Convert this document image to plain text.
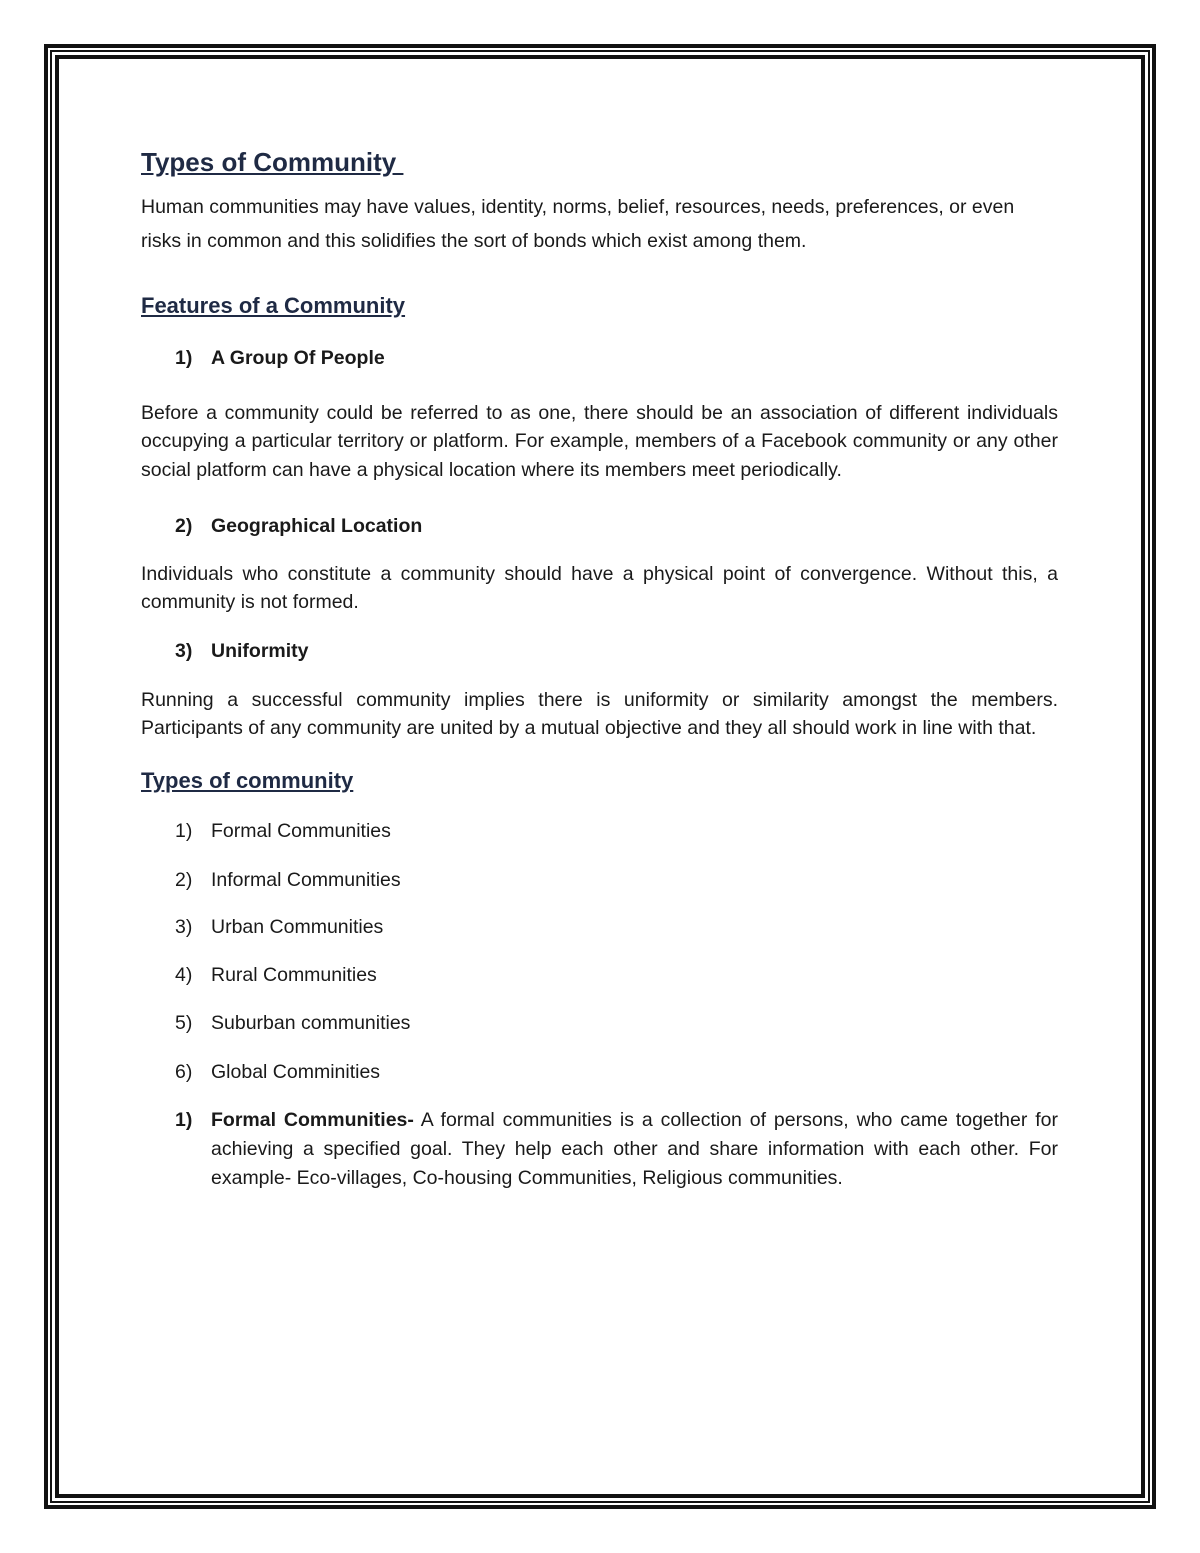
Types of Community

Human communities may have values, identity, norms, belief, resources, needs, preferences, or even risks in common and this solidifies the sort of bonds which exist among them.

Features of a Community
1) A Group Of People

Before a community could be referred to as one, there should be an association of different individuals occupying a particular territory or platform. For example, members of a Facebook community or any other social platform can have a physical location where its members meet periodically.

2) Geographical Location

Individuals who constitute a community should have a physical point of convergence. Without this, a community is not formed.

3) Uniformity

Running a successful community implies there is uniformity or similarity amongst the members. Participants of any community are united by a mutual objective and they all should work in line with that.

Types of community
1) Formal Communities
2) Informal Communities
3) Urban Communities
4) Rural Communities
5) Suburban communities
6) Global Comminities
1) Formal Communities- A formal communities is a collection of persons, who came together for achieving a specified goal. They help each other and share information with each other. For example- Eco-villages, Co-housing Communities, Religious communities.
